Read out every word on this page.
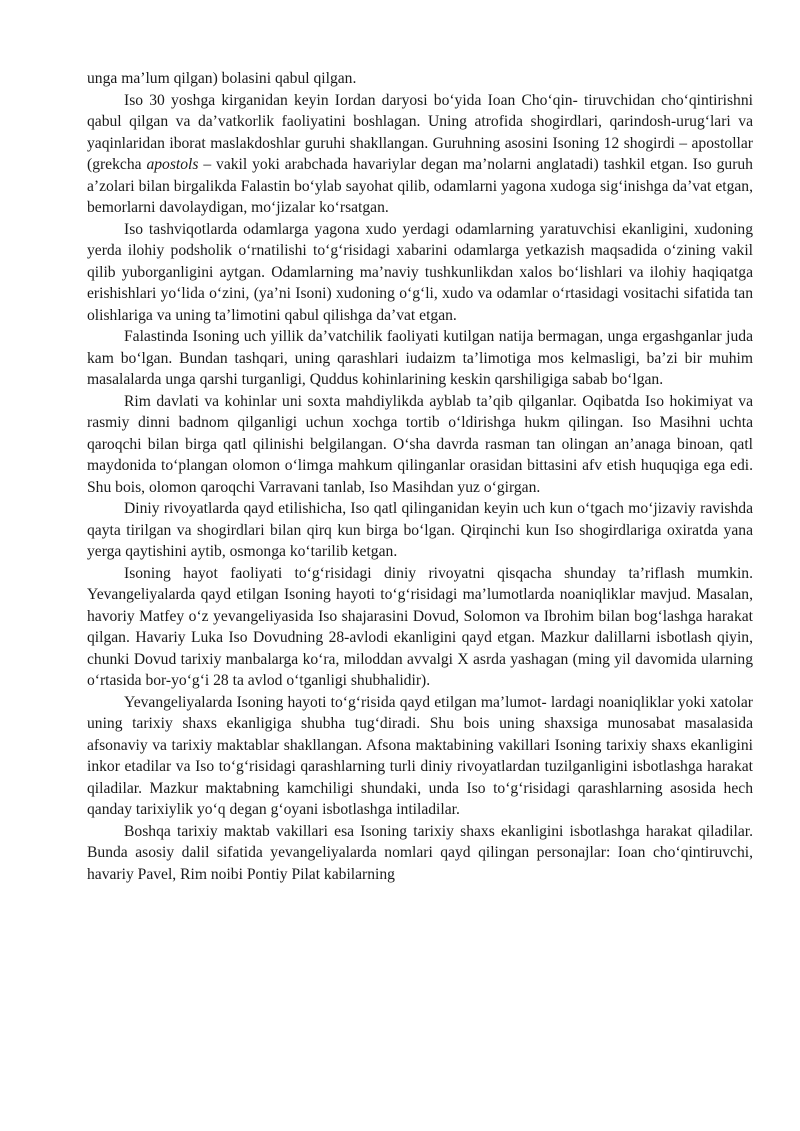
unga ma’lum qilgan) bolasini qabul qilgan.

Iso 30 yoshga kirganidan keyin Iordan daryosi bo‘yida Ioan Cho‘qin- tiruvchidan cho‘qintirishni qabul qilgan va da’vatkorlik faoliyatini boshlagan. Uning atrofida shogirdlari, qarindosh-urug‘lari va yaqinlaridan iborat maslakdoshlar guruhi shakllangan. Guruhning asosini Isoning 12 shogirdi – apostollar (grekcha apostols – vakil yoki arabchada havariylar degan ma’nolarni anglatadi) tashkil etgan. Iso guruh a’zolari bilan birgalikda Falastin bo‘ylab sayohat qilib, odamlarni yagona xudoga sig‘inishga da’vat etgan, bemorlarni davolaydigan, mo‘jizalar ko‘rsatgan.

Iso tashviqotlarda odamlarga yagona xudo yerdagi odamlarning yaratuvchisi ekanligini, xudoning yerda ilohiy podsholik o‘rnatilishi to‘g‘risidagi xabarini odamlarga yetkazish maqsadida o‘zining vakil qilib yuborganligini aytgan. Odamlarning ma’naviy tushkunlikdan xalos bo‘lishlari va ilohiy haqiqatga erishishlari yo‘lida o‘zini, (ya’ni Isoni) xudoning o‘g‘li, xudo va odamlar o‘rtasidagi vositachi sifatida tan olishlariga va uning ta’limotini qabul qilishga da’vat etgan.

Falastinda Isoning uch yillik da’vatchilik faoliyati kutilgan natija bermagan, unga ergashganlar juda kam bo‘lgan. Bundan tashqari, uning qarashlari iudaizm ta’limotiga mos kelmasligi, ba’zi bir muhim masalalarda unga qarshi turganligi, Quddus kohinlarining keskin qarshiligiga sabab bo‘lgan.

Rim davlati va kohinlar uni soxta mahdiylikda ayblab ta’qib qilganlar. Oqibatda Iso hokimiyat va rasmiy dinni badnom qilganligi uchun xochga tortib o‘ldirishga hukm qilingan. Iso Masihni uchta qaroqchi bilan birga qatl qilinishi belgilangan. O‘sha davrda rasman tan olingan an’anaga binoan, qatl maydonida to‘plangan olomon o‘limga mahkum qilinganlar orasidan bittasini afv etish huquqiga ega edi. Shu bois, olomon qaroqchi Varravani tanlab, Iso Masihdan yuz o‘girgan.

Diniy rivoyatlarda qayd etilishicha, Iso qatl qilinganidan keyin uch kun o‘tgach mo‘jizaviy ravishda qayta tirilgan va shogirdlari bilan qirq kun birga bo‘lgan. Qirqinchi kun Iso shogirdlariga oxiratda yana yerga qaytishini aytib, osmonga ko‘tarilib ketgan.

Isoning hayot faoliyati to‘g‘risidagi diniy rivoyatni qisqacha shunday ta’riflash mumkin. Yevangeliyalarda qayd etilgan Isoning hayoti to‘g‘risidagi ma’lumotlarda noaniqliklar mavjud. Masalan, havoriy Matfey o‘z yevangeliyasida Iso shajarasini Dovud, Solomon va Ibrohim bilan bog‘lashga harakat qilgan. Havariy Luka Iso Dovudning 28-avlodi ekanligini qayd etgan. Mazkur dalillarni isbotlash qiyin, chunki Dovud tarixiy manbalarga ko‘ra, miloddan avvalgi X asrda yashagan (ming yil davomida ularning o‘rtasida bor-yo‘g‘i 28 ta avlod o‘tganligi shubhalidir).

Yevangeliyalarda Isoning hayoti to‘g‘risida qayd etilgan ma’lumot- lardagi noaniqliklar yoki xatolar uning tarixiy shaxs ekanligiga shubha tug‘diradi. Shu bois uning shaxsiga munosabat masalasida afsonaviy va tarixiy maktablar shakllangan. Afsona maktabining vakillari Isoning tarixiy shaxs ekanligini inkor etadilar va Iso to‘g‘risidagi qarashlarning turli diniy rivoyatlardan tuzilganligini isbotlashga harakat qiladilar. Mazkur maktabning kamchiligi shundaki, unda Iso to‘g‘risidagi qarashlarning asosida hech qanday tarixiylik yo‘q degan g‘oyani isbotlashga intiladilar.

Boshqa tarixiy maktab vakillari esa Isoning tarixiy shaxs ekanligini isbotlashga harakat qiladilar. Bunda asosiy dalil sifatida yevangeliyalarda nomlari qayd qilingan personajlar: Ioan cho‘qintiruvchi, havariy Pavel, Rim noibi Pontiy Pilat kabilarning
